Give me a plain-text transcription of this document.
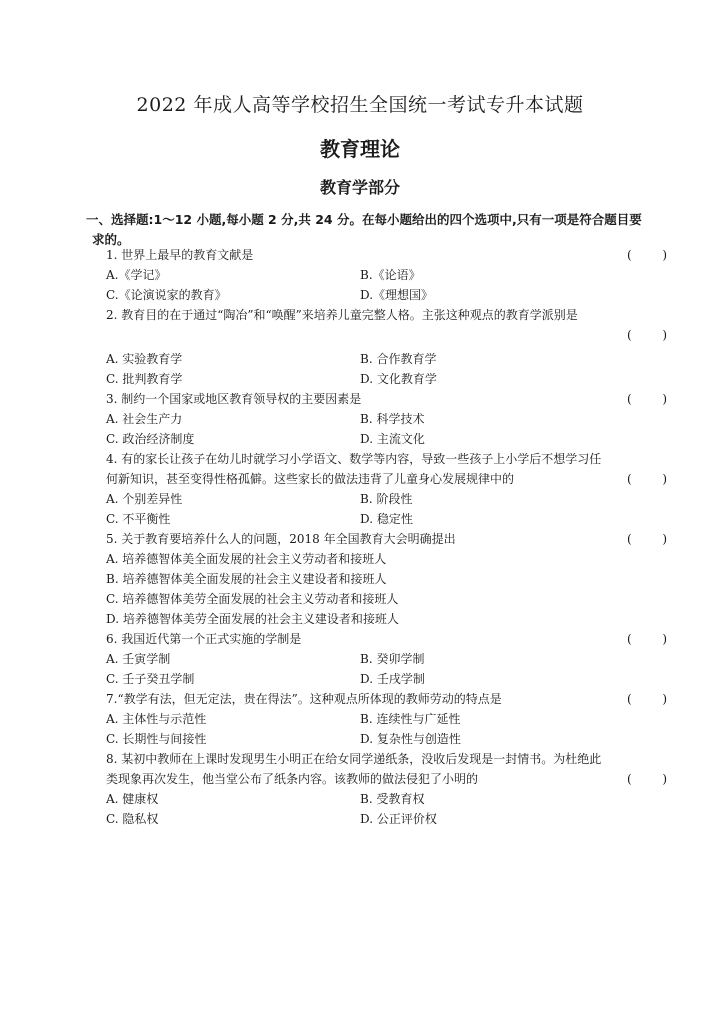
2022 年成人高等学校招生全国统一考试专升本试题
教育理论
教育学部分
一、选择题:1～12 小题,每小题 2 分,共 24 分。在每小题给出的四个选项中,只有一项是符合题目要求的。
1. 世界上最早的教育文献是	(	)
A.《学记》	B.《论语》
C.《论演说家的教育》	D.《理想国》
2. 教育目的在于通过“陶冶”和“唤醒”来培养儿童完整人格。主张这种观点的教育学派别是
(	)
A. 实验教育学	B. 合作教育学
C. 批判教育学	D. 文化教育学
3. 制约一个国家或地区教育领导权的主要因素是	(	)
A. 社会生产力	B. 科学技术
C. 政治经济制度	D. 主流文化
4. 有的家长让孩子在幼儿时就学习小学语文、数学等内容，导致一些孩子上小学后不想学习任何新知识，甚至变得性格孤僻。这些家长的做法违背了儿童身心发展规律中的	(	)
A. 个别差异性	B. 阶段性
C. 不平衡性	D. 稳定性
5. 关于教育要培养什么人的问题，2018 年全国教育大会明确提出	(	)
A. 培养德智体美全面发展的社会主义劳动者和接班人
B. 培养德智体美全面发展的社会主义建设者和接班人
C. 培养德智体美劳全面发展的社会主义劳动者和接班人
D. 培养德智体美劳全面发展的社会主义建设者和接班人
6. 我国近代第一个正式实施的学制是	(	)
A. 壬寅学制	B. 癸卯学制
C. 壬子癸丑学制	D. 壬戌学制
7.“教学有法，但无定法，贵在得法”。这种观点所体现的教师劳动的特点是	(	)
A. 主体性与示范性	B. 连续性与广延性
C. 长期性与间接性	D. 复杂性与创造性
8. 某初中教师在上课时发现男生小明正在给女同学递纸条，没收后发现是一封情书。为杜绝此类现象再次发生，他当堂公布了纸条内容。该教师的做法侵犯了小明的	(	)
A. 健康权	B. 受教育权
C. 隐私权	D. 公正评价权
